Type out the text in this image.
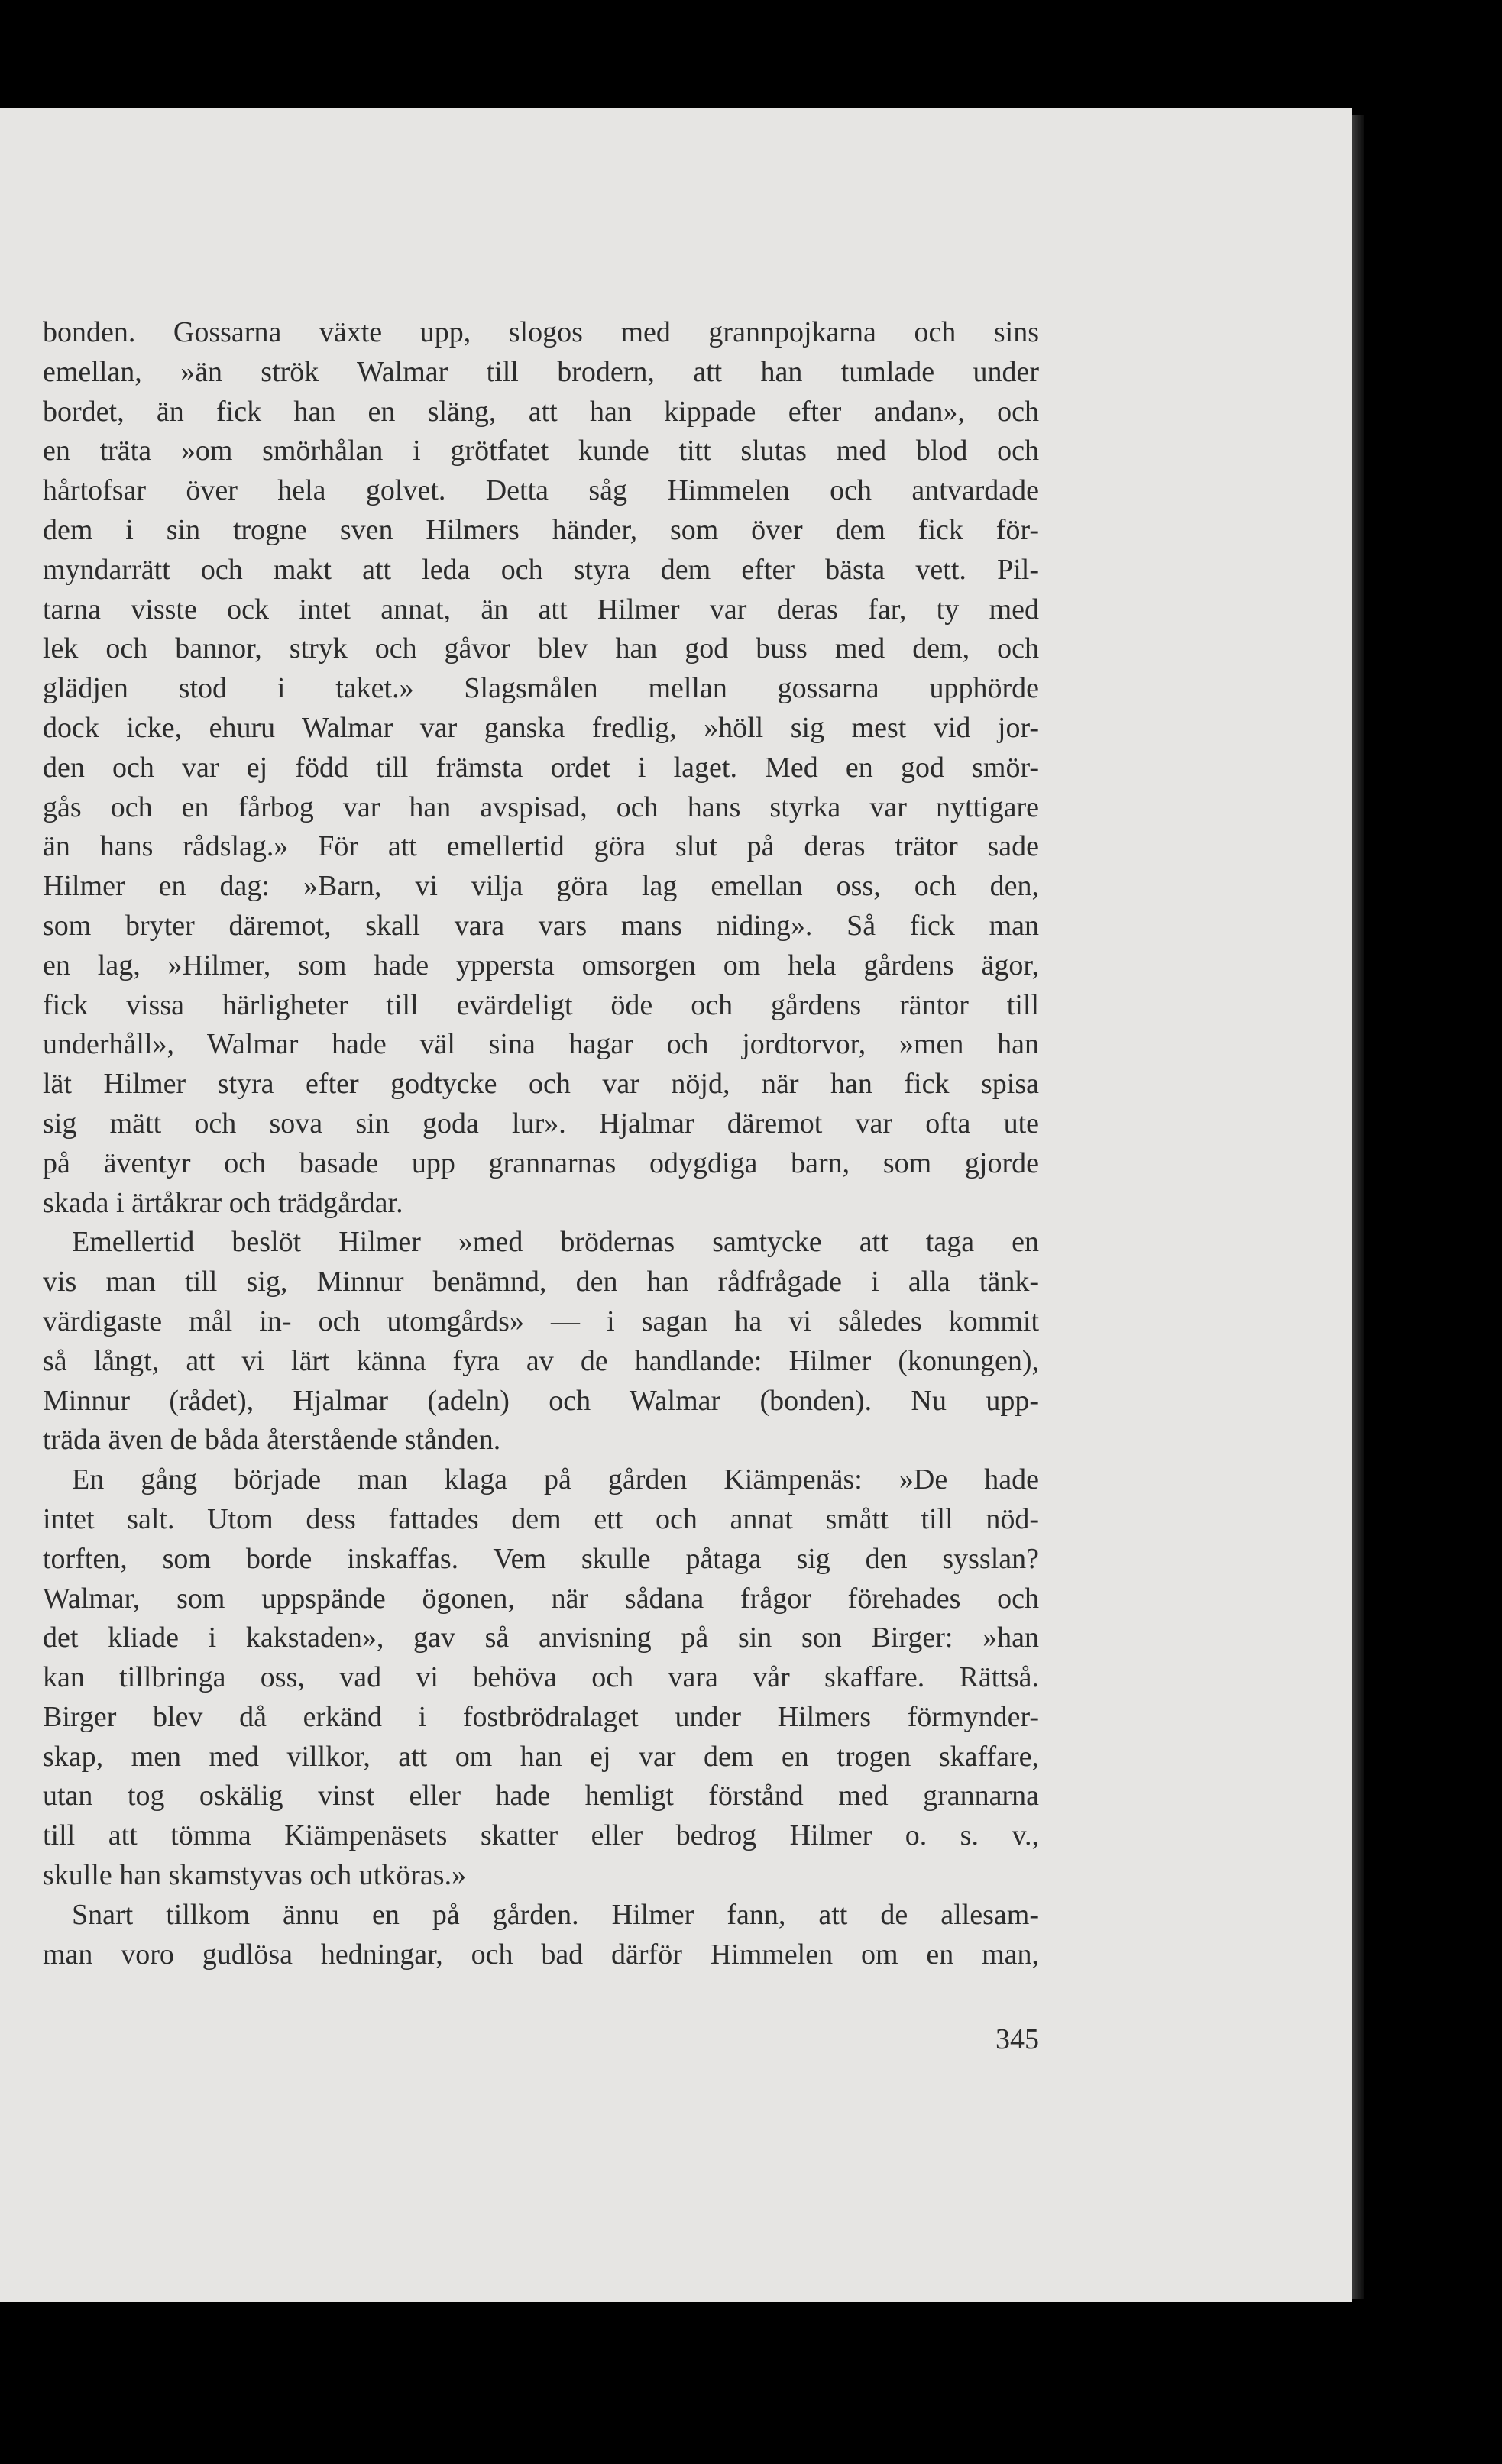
bonden. Gossarna växte upp, slogos med grannpojkarna och sins
emellan, »än strök Walmar till brodern, att han tumlade under
bordet, än fick han en släng, att han kippade efter andan», och
en träta »om smörhålan i grötfatet kunde titt slutas med blod och
hårtofsar över hela golvet. Detta såg Himmelen och antvardade
dem i sin trogne sven Hilmers händer, som över dem fick för-
myndarrätt och makt att leda och styra dem efter bästa vett. Pil-
tarna visste ock intet annat, än att Hilmer var deras far, ty med
lek och bannor, stryk och gåvor blev han god buss med dem, och
glädjen stod i taket.» Slagsmålen mellan gossarna upphörde
dock icke, ehuru Walmar var ganska fredlig, »höll sig mest vid jor-
den och var ej född till främsta ordet i laget. Med en god smör-
gås och en fårbog var han avspisad, och hans styrka var nyttigare
än hans rådslag.» För att emellertid göra slut på deras trätor sade
Hilmer en dag: »Barn, vi vilja göra lag emellan oss, och den,
som bryter däremot, skall vara vars mans niding». Så fick man
en lag, »Hilmer, som hade yppersta omsorgen om hela gårdens ägor,
fick vissa härligheter till evärdeligt öde och gårdens räntor till
underhåll», Walmar hade väl sina hagar och jordtorvor, »men han
lät Hilmer styra efter godtycke och var nöjd, när han fick spisa
sig mätt och sova sin goda lur». Hjalmar däremot var ofta ute
på äventyr och basade upp grannarnas odygdiga barn, som gjorde
skada i ärtåkrar och trädgårdar.
Emellertid beslöt Hilmer »med brödernas samtycke att taga en
vis man till sig, Minnur benämnd, den han rådfrågade i alla tänk-
värdigaste mål in- och utomgårds» — i sagan ha vi således kommit
så långt, att vi lärt känna fyra av de handlande: Hilmer (konungen),
Minnur (rådet), Hjalmar (adeln) och Walmar (bonden). Nu upp-
träda även de båda återstående stånden.
En gång började man klaga på gården Kiämpenäs: »De hade
intet salt. Utom dess fattades dem ett och annat smått till nöd-
torften, som borde inskaffas. Vem skulle påtaga sig den sysslan?
Walmar, som uppspände ögonen, när sådana frågor förehades och
det kliade i kakstaden», gav så anvisning på sin son Birger: »han
kan tillbringa oss, vad vi behöva och vara vår skaffare. Rättså.
Birger blev då erkänd i fostbrödralaget under Hilmers förmynder-
skap, men med villkor, att om han ej var dem en trogen skaffare,
utan tog oskälig vinst eller hade hemligt förstånd med grannarna
till att tömma Kiämpenäsets skatter eller bedrog Hilmer o. s. v.,
skulle han skamstyvas och utköras.»
Snart tillkom ännu en på gården. Hilmer fann, att de allesam-
man voro gudlösa hedningar, och bad därför Himmelen om en man,
345
